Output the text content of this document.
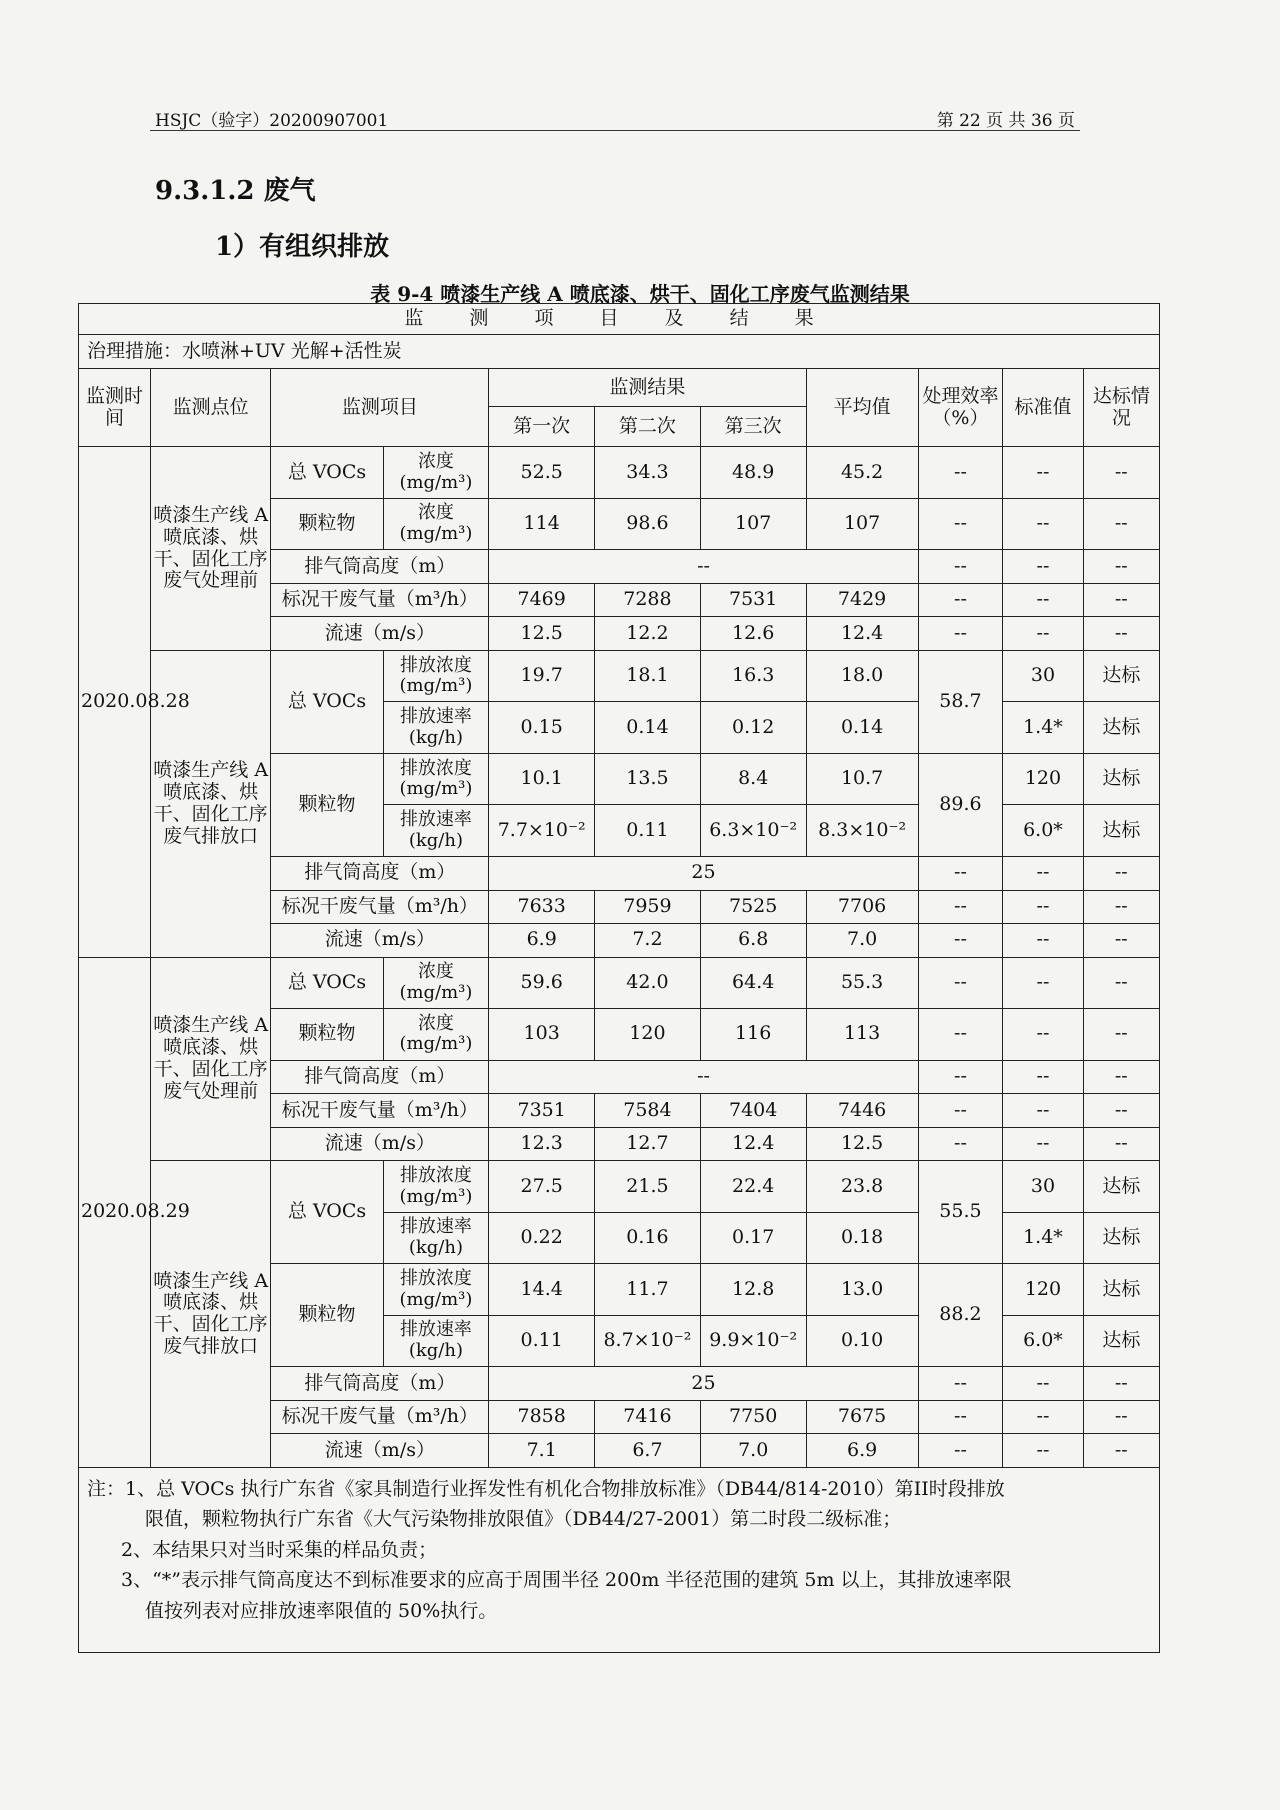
HSJC（验字）20200907001	第 22 页 共 36 页
9.3.1.2 废气
1）有组织排放
表 9-4 喷漆生产线 A 喷底漆、烘干、固化工序废气监测结果
监 测 项 目 及 结 果										
治理措施：水喷淋+UV 光解+活性炭										
监测时间	监测点位	监测项目		监测结果			平均值	处理效率（%）	标准值	达标情况
				第一次	第二次	第三次				
2020.08.28	喷漆生产线 A 喷底漆、烘干、固化工序废气处理前	总 VOCs	浓度(mg/m³)	52.5	34.3	48.9	45.2	--	--	--
		颗粒物	浓度(mg/m³)	114	98.6	107	107	--	--	--
		排气筒高度（m）		--				--	--	--
		标况干废气量（m³/h）		7469	7288	7531	7429	--	--	--
		流速（m/s）		12.5	12.2	12.6	12.4	--	--	--
	喷漆生产线 A 喷底漆、烘干、固化工序废气排放口	总 VOCs	排放浓度(mg/m³)	19.7	18.1	16.3	18.0	58.7	30	达标
			排放速率(kg/h)	0.15	0.14	0.12	0.14		1.4*	达标
		颗粒物	排放浓度(mg/m³)	10.1	13.5	8.4	10.7	89.6	120	达标
			排放速率(kg/h)	7.7×10⁻²	0.11	6.3×10⁻²	8.3×10⁻²		6.0*	达标
		排气筒高度（m）		25				--	--	--
		标况干废气量（m³/h）		7633	7959	7525	7706	--	--	--
		流速（m/s）		6.9	7.2	6.8	7.0	--	--	--
2020.08.29	喷漆生产线 A 喷底漆、烘干、固化工序废气处理前	总 VOCs	浓度(mg/m³)	59.6	42.0	64.4	55.3	--	--	--
		颗粒物	浓度(mg/m³)	103	120	116	113	--	--	--
		排气筒高度（m）		--				--	--	--
		标况干废气量（m³/h）		7351	7584	7404	7446	--	--	--
		流速（m/s）		12.3	12.7	12.4	12.5	--	--	--
	喷漆生产线 A 喷底漆、烘干、固化工序废气排放口	总 VOCs	排放浓度(mg/m³)	27.5	21.5	22.4	23.8	55.5	30	达标
			排放速率(kg/h)	0.22	0.16	0.17	0.18		1.4*	达标
		颗粒物	排放浓度(mg/m³)	14.4	11.7	12.8	13.0	88.2	120	达标
			排放速率(kg/h)	0.11	8.7×10⁻²	9.9×10⁻²	0.10		6.0*	达标
		排气筒高度（m）		25				--	--	--
		标况干废气量（m³/h）		7858	7416	7750	7675	--	--	--
		流速（m/s）		7.1	6.7	7.0	6.9	--	--	--

注：1、总 VOCs 执行广东省《家具制造行业挥发性有机化合物排放标准》（DB44/814-2010）第II时段排放
限值，颗粒物执行广东省《大气污染物排放限值》（DB44/27-2001）第二时段二级标准；
2、本结果只对当时采集的样品负责；
3、“*”表示排气筒高度达不到标准要求的应高于周围半径 200m 半径范围的建筑 5m 以上，其排放速率限
值按列表对应排放速率限值的 50%执行。										
